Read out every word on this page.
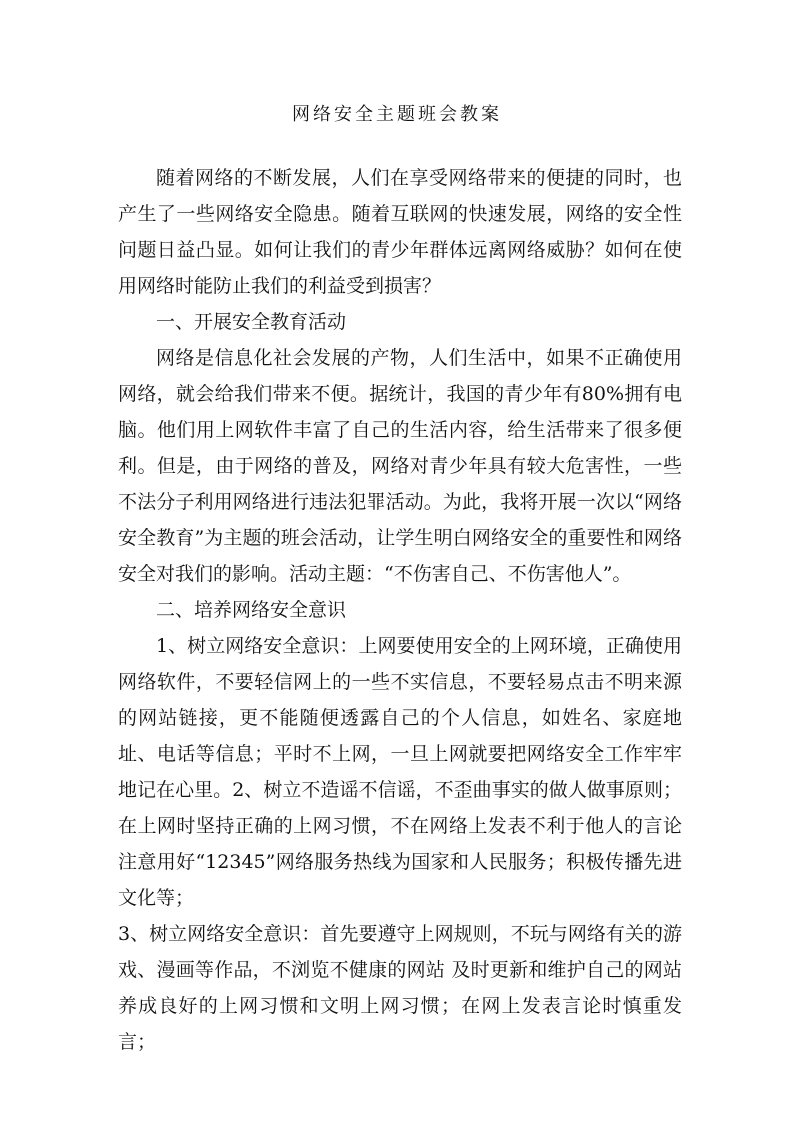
网络安全主题班会教案

随着网络的不断发展，人们在享受网络带来的便捷的同时，也产生了一些网络安全隐患。随着互联网的快速发展，网络的安全性问题日益凸显。如何让我们的青少年群体远离网络威胁？如何在使用网络时能防止我们的利益受到损害？

一、开展安全教育活动

网络是信息化社会发展的产物，人们生活中，如果不正确使用网络，就会给我们带来不便。据统计，我国的青少年有80%拥有电脑。他们用上网软件丰富了自己的生活内容，给生活带来了很多便利。但是，由于网络的普及，网络对青少年具有较大危害性，一些不法分子利用网络进行违法犯罪活动。为此，我将开展一次以“网络安全教育”为主题的班会活动，让学生明白网络安全的重要性和网络安全对我们的影响。活动主题：“不伤害自己、不伤害他人”。

二、培养网络安全意识

1、树立网络安全意识：上网要使用安全的上网环境，正确使用网络软件，不要轻信网上的一些不实信息，不要轻易点击不明来源的网站链接，更不能随便透露自己的个人信息，如姓名、家庭地址、电话等信息；平时不上网，一旦上网就要把网络安全工作牢牢地记在心里。2、树立不造谣不信谣，不歪曲事实的做人做事原则；在上网时坚持正确的上网习惯，不在网络上发表不利于他人的言论 注意用好“12345”网络服务热线为国家和人民服务；积极传播先进文化等；

3、树立网络安全意识：首先要遵守上网规则，不玩与网络有关的游戏、漫画等作品，不浏览不健康的网站 及时更新和维护自己的网站 养成良好的上网习惯和文明上网习惯；在网上发表言论时慎重发言；
